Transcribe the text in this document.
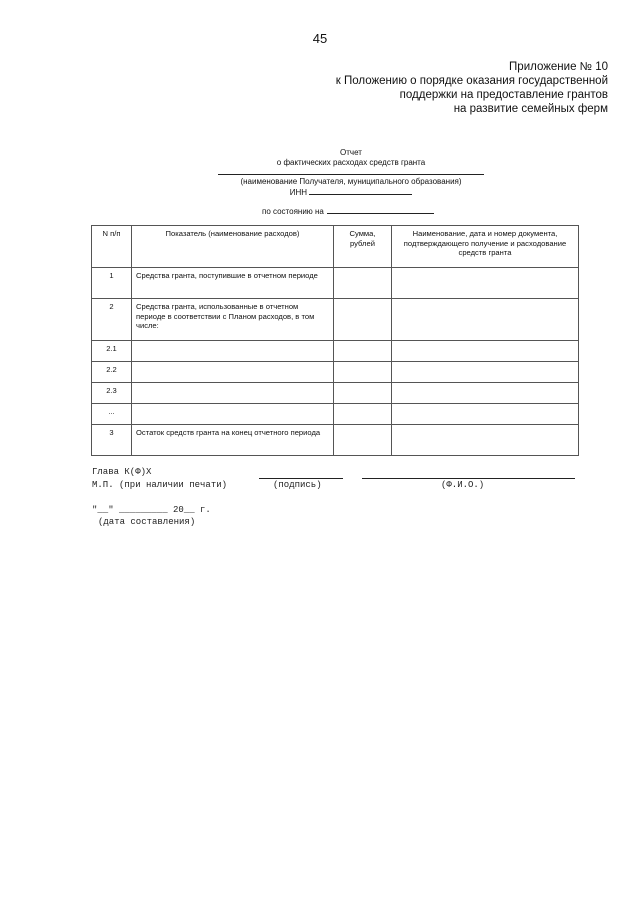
45
Приложение № 10
к Положению о порядке оказания государственной
поддержки на предоставление грантов
на развитие семейных ферм
Отчет
о фактических расходах средств гранта
(наименование Получателя, муниципального образования)
ИНН
по состоянию на
N п/п	Показатель (наименование расходов)	Сумма, рублей	Наименование, дата и номер документа, подтверждающего получение и расходование средств гранта
1	Средства гранта, поступившие в отчетном периоде		
2	Средства гранта, использованные в отчетном периоде в соответствии с Планом расходов, в том числе:		
2.1			
2.2			
2.3			
...			
3	Остаток средств гранта на конец отчетного периода		
Глава К(Ф)Х
М.П. (при наличии печати)	(подпись)	(Ф.И.О.)
"__" _________ 20__ г.
(дата составления)
